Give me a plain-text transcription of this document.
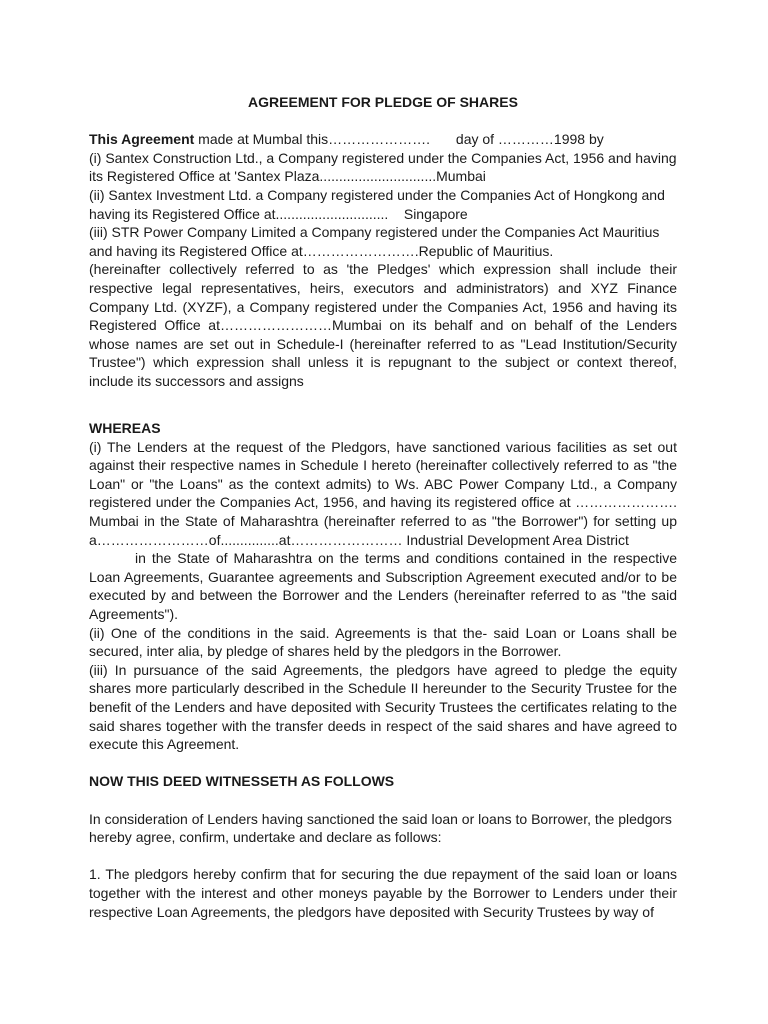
AGREEMENT FOR PLEDGE OF SHARES

This Agreement made at Mumbal this…………………. day of …………1998 by

(i) Santex Construction Ltd., a Company registered under the Companies Act, 1956 and having

its Registered Office at 'Santex Plaza..............................Mumbai

(ii) Santex Investment Ltd. a Company registered under the Companies Act of Hongkong and

having its Registered Office at.............................    Singapore

(iii) STR Power Company Limited a Company registered under the Companies Act Mauritius

and having its Registered Office at…………………….Republic of Mauritius.

(hereinafter collectively referred to as 'the Pledges' which expression shall include their respective legal representatives, heirs, executors and administrators) and XYZ Finance Company Ltd. (XYZF), a Company registered under the Companies Act, 1956 and having its Registered Office at……………………Mumbai on its behalf and on behalf of the Lenders whose names are set out in Schedule-I (hereinafter referred to as "Lead Institution/Security Trustee") which expression shall unless it is repugnant to the subject or context thereof, include its successors and assigns

WHEREAS

(i) The Lenders at the request of the Pledgors, have sanctioned various facilities as set out against their respective names in Schedule I hereto (hereinafter collectively referred to as "the Loan" or "the Loans" as the context admits) to Ws. ABC Power Company Ltd., a Company registered under the Companies Act, 1956, and having its registered office at …………………. Mumbai in the State of Maharashtra (hereinafter referred to as "the Borrower") for setting up a……………………of...............at…………………… Industrial Development Area District

in the State of Maharashtra on the terms and conditions contained in the respective Loan Agreements, Guarantee agreements and Subscription Agreement executed and/or to be executed by and between the Borrower and the Lenders (hereinafter referred to as "the said Agreements").

(ii) One of the conditions in the said. Agreements is that the- said Loan or Loans shall be secured, inter alia, by pledge of shares held by the pledgors in the Borrower.

(iii) In pursuance of the said Agreements, the pledgors have agreed to pledge the equity shares more particularly described in the Schedule II hereunder to the Security Trustee for the benefit of the Lenders and have deposited with Security Trustees the certificates relating to the said shares together with the transfer deeds in respect of the said shares and have agreed to execute this Agreement.

NOW THIS DEED WITNESSETH AS FOLLOWS

In consideration of Lenders having sanctioned the said loan or loans to Borrower, the pledgors

hereby agree, confirm, undertake and declare as follows:

1. The pledgors hereby confirm that for securing the due repayment of the said loan or loans together with the interest and other moneys payable by the Borrower to Lenders under their respective Loan Agreements, the pledgors have deposited with Security Trustees by way of
